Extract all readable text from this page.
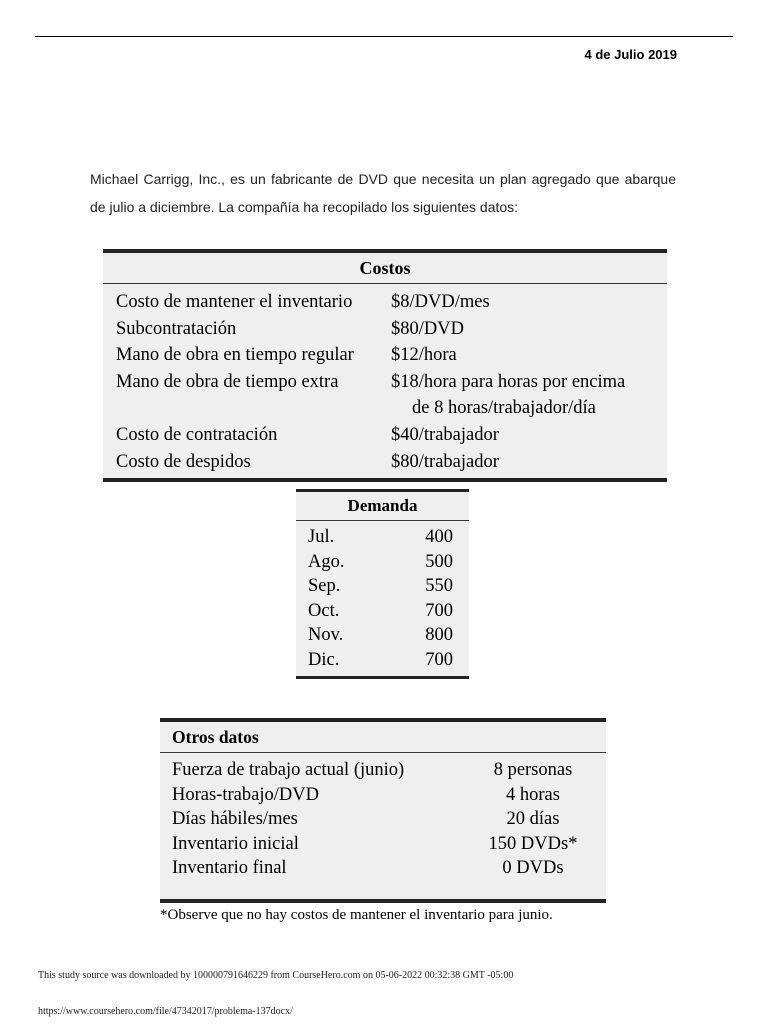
4 de Julio 2019

Michael Carrigg, Inc., es un fabricante de DVD que necesita un plan agregado que abarque de julio a diciembre. La compañía ha recopilado los siguientes datos:

Costos
Costo de mantener el inventario	$8/DVD/mes
Subcontratación	$80/DVD
Mano de obra en tiempo regular	$12/hora
Mano de obra de tiempo extra	$18/hora para horas por encima
de 8 horas/trabajador/día
Costo de contratación	$40/trabajador
Costo de despidos	$80/trabajador
Demanda
Jul.	400
Ago.	500
Sep.	550
Oct.	700
Nov.	800
Dic.	700
Otros datos
Fuerza de trabajo actual (junio)	8 personas
Horas-trabajo/DVD	4 horas
Días hábiles/mes	20 días
Inventario inicial	150 DVDs*
Inventario final	0 DVDs
*Observe que no hay costos de mantener el inventario para junio.
This study source was downloaded by 100000791646229 from CourseHero.com on 05-06-2022 00:32:38 GMT -05:00
https://www.coursehero.com/file/47342017/problema-137docx/
